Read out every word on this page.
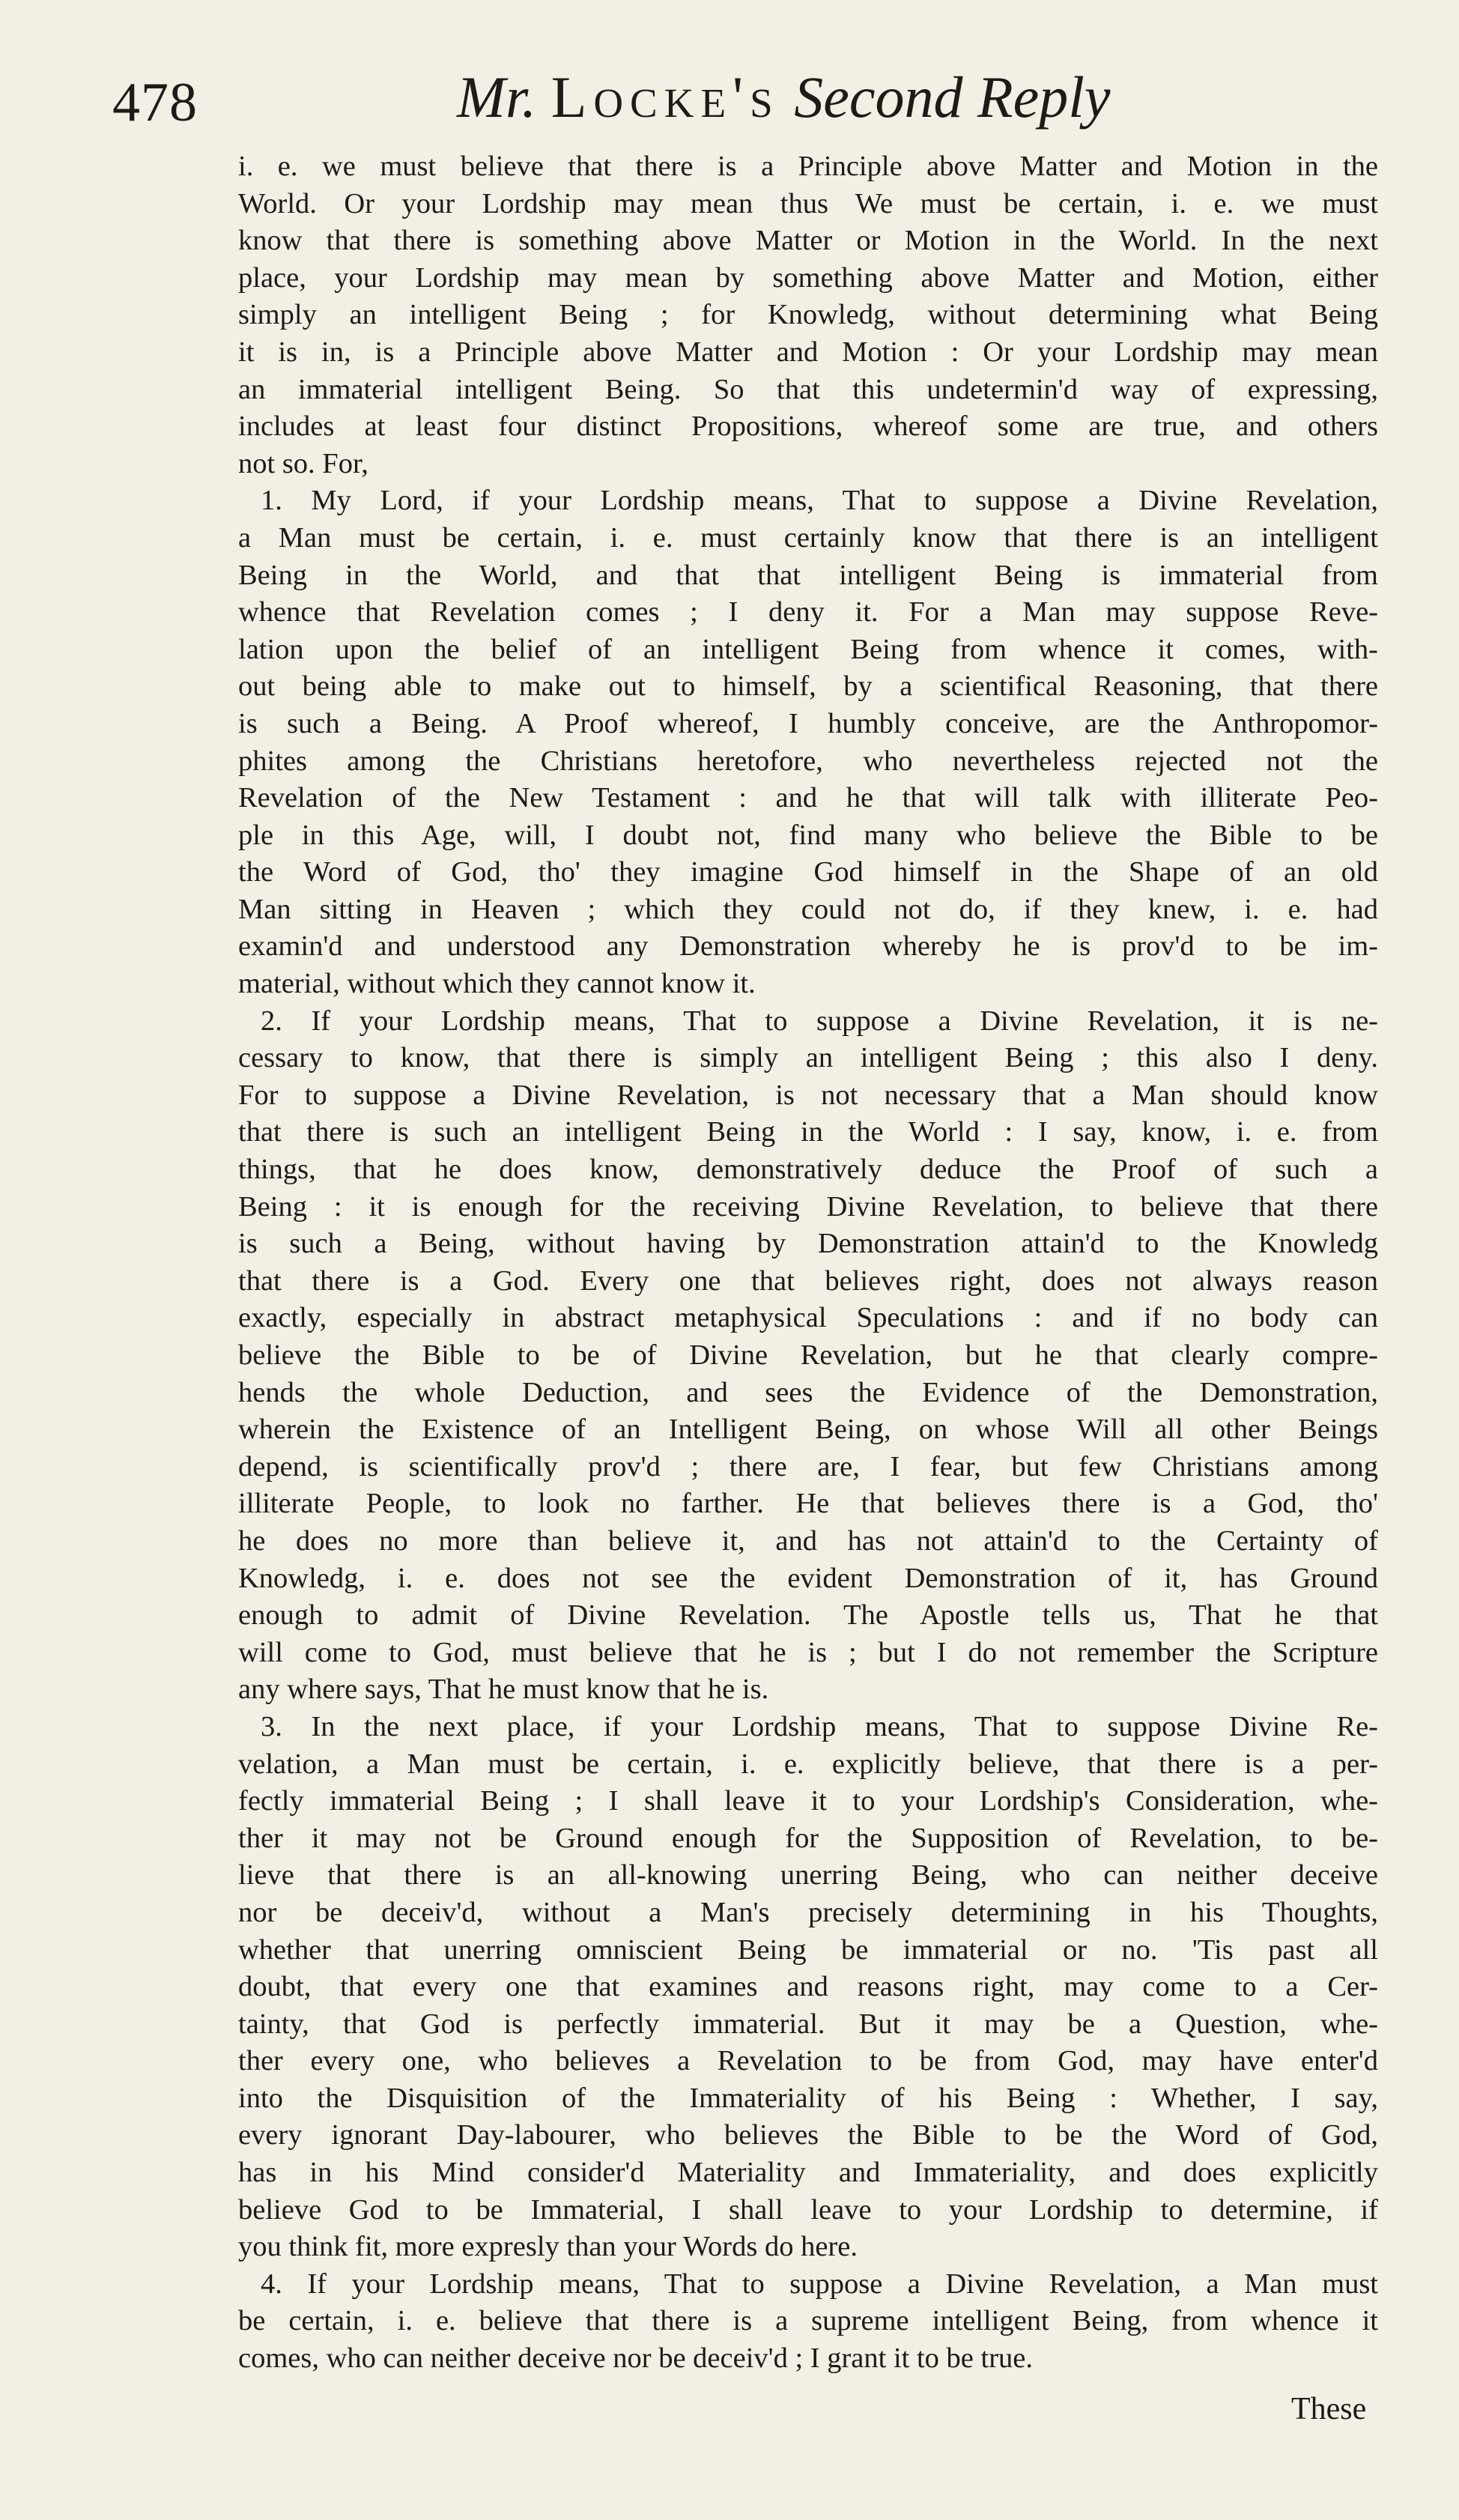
478	Mr. Locke's Second Reply
i. e. we must believe that there is a Principle above Matter and Motion in the
World. Or your Lordship may mean thus We must be certain, i. e. we must
know that there is something above Matter or Motion in the World. In the next
place, your Lordship may mean by something above Matter and Motion, either
simply an intelligent Being ; for Knowledg, without determining what Being
it is in, is a Principle above Matter and Motion : Or your Lordship may mean
an immaterial intelligent Being. So that this undetermin'd way of expressing,
includes at least four distinct Propositions, whereof some are true, and others
not so. For,
1. My Lord, if your Lordship means, That to suppose a Divine Revelation,
a Man must be certain, i. e. must certainly know that there is an intelligent
Being in the World, and that that intelligent Being is immaterial from
whence that Revelation comes ; I deny it. For a Man may suppose Reve-
lation upon the belief of an intelligent Being from whence it comes, with-
out being able to make out to himself, by a scientifical Reasoning, that there
is such a Being. A Proof whereof, I humbly conceive, are the Anthropomor-
phites among the Christians heretofore, who nevertheless rejected not the
Revelation of the New Testament : and he that will talk with illiterate Peo-
ple in this Age, will, I doubt not, find many who believe the Bible to be
the Word of God, tho' they imagine God himself in the Shape of an old
Man sitting in Heaven ; which they could not do, if they knew, i. e. had
examin'd and understood any Demonstration whereby he is prov'd to be im-
material, without which they cannot know it.
2. If your Lordship means, That to suppose a Divine Revelation, it is ne-
cessary to know, that there is simply an intelligent Being ; this also I deny.
For to suppose a Divine Revelation, is not necessary that a Man should know
that there is such an intelligent Being in the World : I say, know, i. e. from
things, that he does know, demonstratively deduce the Proof of such a
Being : it is enough for the receiving Divine Revelation, to believe that there
is such a Being, without having by Demonstration attain'd to the Knowledg
that there is a God. Every one that believes right, does not always reason
exactly, especially in abstract metaphysical Speculations : and if no body can
believe the Bible to be of Divine Revelation, but he that clearly compre-
hends the whole Deduction, and sees the Evidence of the Demonstration,
wherein the Existence of an Intelligent Being, on whose Will all other Beings
depend, is scientifically prov'd ; there are, I fear, but few Christians among
illiterate People, to look no farther. He that believes there is a God, tho'
he does no more than believe it, and has not attain'd to the Certainty of
Knowledg, i. e. does not see the evident Demonstration of it, has Ground
enough to admit of Divine Revelation. The Apostle tells us, That he that
will come to God, must believe that he is ; but I do not remember the Scripture
any where says, That he must know that he is.
3. In the next place, if your Lordship means, That to suppose Divine Re-
velation, a Man must be certain, i. e. explicitly believe, that there is a per-
fectly immaterial Being ; I shall leave it to your Lordship's Consideration, whe-
ther it may not be Ground enough for the Supposition of Revelation, to be-
lieve that there is an all-knowing unerring Being, who can neither deceive
nor be deceiv'd, without a Man's precisely determining in his Thoughts,
whether that unerring omniscient Being be immaterial or no. 'Tis past all
doubt, that every one that examines and reasons right, may come to a Cer-
tainty, that God is perfectly immaterial. But it may be a Question, whe-
ther every one, who believes a Revelation to be from God, may have enter'd
into the Disquisition of the Immateriality of his Being : Whether, I say,
every ignorant Day-labourer, who believes the Bible to be the Word of God,
has in his Mind consider'd Materiality and Immateriality, and does explicitly
believe God to be Immaterial, I shall leave to your Lordship to determine, if
you think fit, more expresly than your Words do here.
4. If your Lordship means, That to suppose a Divine Revelation, a Man must
be certain, i. e. believe that there is a supreme intelligent Being, from whence it
comes, who can neither deceive nor be deceiv'd ; I grant it to be true.
These
